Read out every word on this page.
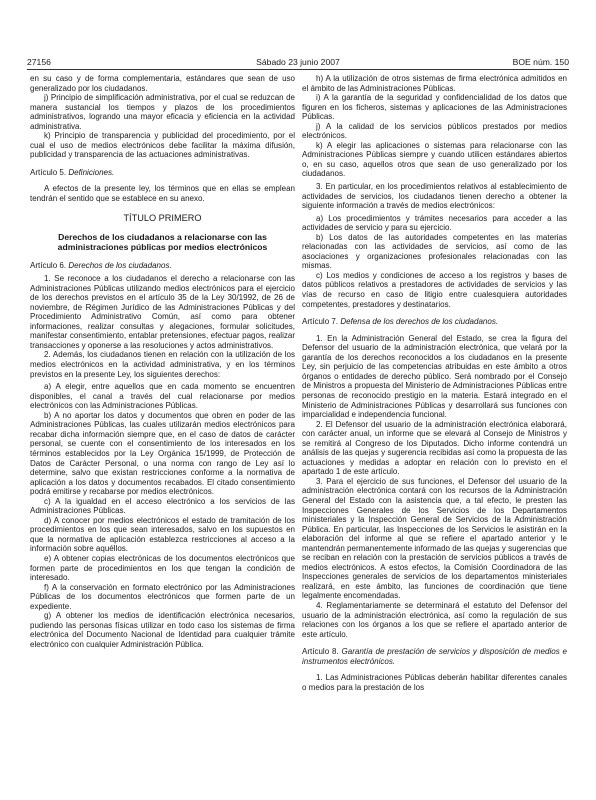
27156	Sábado 23 junio 2007	BOE núm. 150

en su caso y de forma complementaria, estándares que sean de uso generalizado por los ciudadanos.

j) Principio de simplificación administrativa, por el cual se reduzcan de manera sustancial los tiempos y plazos de los procedimientos administrativos, logrando una mayor eficacia y eficiencia en la actividad administrativa.

k) Principio de transparencia y publicidad del procedimiento, por el cual el uso de medios electrónicos debe facilitar la máxima difusión, publicidad y transparencia de las actuaciones administrativas.

Artículo 5. Definiciones.

A efectos de la presente ley, los términos que en ellas se emplean tendrán el sentido que se establece en su anexo.

TÍTULO PRIMERO

Derechos de los ciudadanos a relacionarse con las administraciones públicas por medios electrónicos

Artículo 6. Derechos de los ciudadanos.

1. Se reconoce a los ciudadanos el derecho a relacionarse con las Administraciones Públicas utilizando medios electrónicos para el ejercicio de los derechos previstos en el artículo 35 de la Ley 30/1992, de 26 de noviembre, de Régimen Jurídico de las Administraciones Públicas y del Procedimiento Administrativo Común, así como para obtener informaciones, realizar consultas y alegaciones, formular solicitudes, manifestar consentimiento, entablar pretensiones, efectuar pagos, realizar transacciones y oponerse a las resoluciones y actos administrativos.

2. Además, los ciudadanos tienen en relación con la utilización de los medios electrónicos en la actividad administrativa, y en los términos previstos en la presente Ley, los siguientes derechos:

a) A elegir, entre aquellos que en cada momento se encuentren disponibles, el canal a través del cual relacionarse por medios electrónicos con las Administraciones Públicas.

b) A no aportar los datos y documentos que obren en poder de las Administraciones Públicas, las cuales utilizarán medios electrónicos para recabar dicha información siempre que, en el caso de datos de carácter personal, se cuente con el consentimiento de los interesados en los términos establecidos por la Ley Orgánica 15/1999, de Protección de Datos de Carácter Personal, o una norma con rango de Ley así lo determine, salvo que existan restricciones conforme a la normativa de aplicación a los datos y documentos recabados. El citado consentimiento podrá emitirse y recabarse por medios electrónicos.

c) A la igualdad en el acceso electrónico a los servicios de las Administraciones Públicas.

d) A conocer por medios electrónicos el estado de tramitación de los procedimientos en los que sean interesados, salvo en los supuestos en que la normativa de aplicación establezca restricciones al acceso a la información sobre aquéllos.

e) A obtener copias electrónicas de los documentos electrónicos que formen parte de procedimientos en los que tengan la condición de interesado.

f) A la conservación en formato electrónico por las Administraciones Públicas de los documentos electrónicos que formen parte de un expediente.

g) A obtener los medios de identificación electrónica necesarios, pudiendo las personas físicas utilizar en todo caso los sistemas de firma electrónica del Documento Nacional de Identidad para cualquier trámite electrónico con cualquier Administración Pública.

h) A la utilización de otros sistemas de firma electrónica admitidos en el ámbito de las Administraciones Públicas.

i) A la garantía de la seguridad y confidencialidad de los datos que figuren en los ficheros, sistemas y aplicaciones de las Administraciones Públicas.

j) A la calidad de los servicios públicos prestados por medios electrónicos.

k) A elegir las aplicaciones o sistemas para relacionarse con las Administraciones Públicas siempre y cuando utilicen estándares abiertos o, en su caso, aquellos otros que sean de uso generalizado por los ciudadanos.

3. En particular, en los procedimientos relativos al establecimiento de actividades de servicios, los ciudadanos tienen derecho a obtener la siguiente información a través de medios electrónicos:

a) Los procedimientos y trámites necesarios para acceder a las actividades de servicio y para su ejercicio.

b) Los datos de las autoridades competentes en las materias relacionadas con las actividades de servicios, así como de las asociaciones y organizaciones profesionales relacionadas con las mismas.

c) Los medios y condiciones de acceso a los registros y bases de datos públicos relativos a prestadores de actividades de servicios y las vías de recurso en caso de litigio entre cualesquiera autoridades competentes, prestadores y destinatarios.

Artículo 7. Defensa de los derechos de los ciudadanos.

1. En la Administración General del Estado, se crea la figura del Defensor del usuario de la administración electrónica, que velará por la garantía de los derechos reconocidos a los ciudadanos en la presente Ley, sin perjuicio de las competencias atribuidas en este ámbito a otros órganos o entidades de derecho público. Será nombrado por el Consejo de Ministros a propuesta del Ministerio de Administraciones Públicas entre personas de reconocido prestigio en la materia. Estará integrado en el Ministerio de Administraciones Públicas y desarrollará sus funciones con imparcialidad e independencia funcional.

2. El Defensor del usuario de la administración electrónica elaborará, con carácter anual, un informe que se elevará al Consejo de Ministros y se remitirá al Congreso de los Diputados. Dicho informe contendrá un análisis de las quejas y sugerencia recibidas así como la propuesta de las actuaciones y medidas a adoptar en relación con lo previsto en el apartado 1 de este artículo.

3. Para el ejercicio de sus funciones, el Defensor del usuario de la administración electrónica contará con los recursos de la Administración General del Estado con la asistencia que, a tal efecto, le presten las Inspecciones Generales de los Servicios de los Departamentos ministeriales y la Inspección General de Servicios de la Administración Pública. En particular, las Inspecciones de los Servicios le asistirán en la elaboración del informe al que se refiere el apartado anterior y le mantendrán permanentemente informado de las quejas y sugerencias que se reciban en relación con la prestación de servicios públicos a través de medios electrónicos. A estos efectos, la Comisión Coordinadora de las Inspecciones generales de servicios de los departamentos ministeriales realizará, en este ámbito, las funciones de coordinación que tiene legalmente encomendadas.

4. Reglamentariamente se determinará el estatuto del Defensor del usuario de la administración electrónica, así como la regulación de sus relaciones con los órganos a los que se refiere el apartado anterior de este artículo.

Artículo 8. Garantía de prestación de servicios y disposición de medios e instrumentos electrónicos.

1. Las Administraciones Públicas deberán habilitar diferentes canales o medios para la prestación de los
